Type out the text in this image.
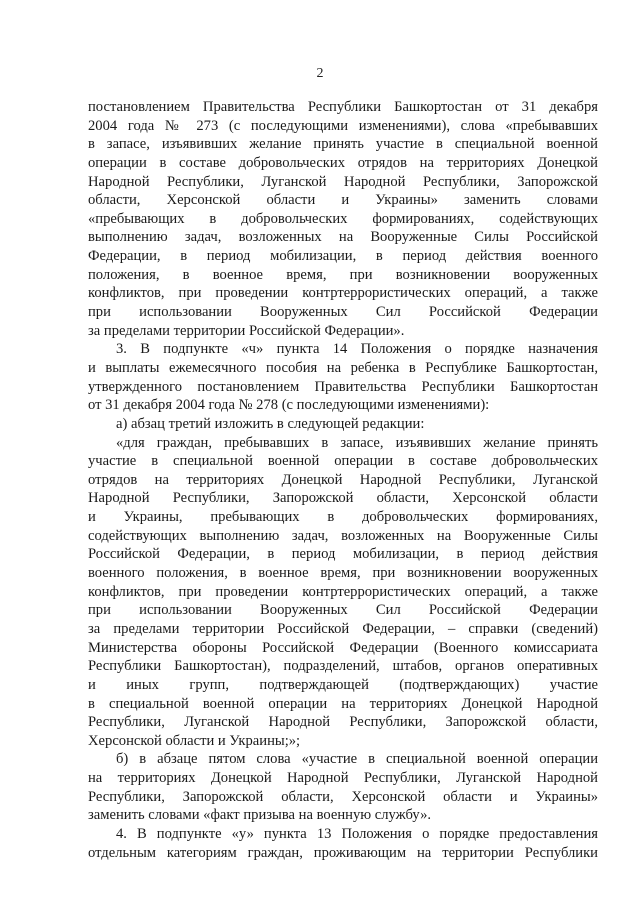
2
постановлением Правительства Республики Башкортостан от 31 декабря
2004 года № 273 (с последующими изменениями), слова «пребывавших
в запасе, изъявивших желание принять участие в специальной военной
операции в составе добровольческих отрядов на территориях Донецкой
Народной Республики, Луганской Народной Республики, Запорожской
области, Херсонской области и Украины» заменить словами
«пребывающих в добровольческих формированиях, содействующих
выполнению задач, возложенных на Вооруженные Силы Российской
Федерации, в период мобилизации, в период действия военного
положения, в военное время, при возникновении вооруженных
конфликтов, при проведении контртеррористических операций, а также
при использовании Вооруженных Сил Российской Федерации
за пределами территории Российской Федерации».
3. В подпункте «ч» пункта 14 Положения о порядке назначения
и выплаты ежемесячного пособия на ребенка в Республике Башкортостан,
утвержденного постановлением Правительства Республики Башкортостан
от 31 декабря 2004 года № 278 (с последующими изменениями):
а) абзац третий изложить в следующей редакции:
«для граждан, пребывавших в запасе, изъявивших желание принять
участие в специальной военной операции в составе добровольческих
отрядов на территориях Донецкой Народной Республики, Луганской
Народной Республики, Запорожской области, Херсонской области
и Украины, пребывающих в добровольческих формированиях,
содействующих выполнению задач, возложенных на Вооруженные Силы
Российской Федерации, в период мобилизации, в период действия
военного положения, в военное время, при возникновении вооруженных
конфликтов, при проведении контртеррористических операций, а также
при использовании Вооруженных Сил Российской Федерации
за пределами территории Российской Федерации, – справки (сведений)
Министерства обороны Российской Федерации (Военного комиссариата
Республики Башкортостан), подразделений, штабов, органов оперативных
и иных групп, подтверждающей (подтверждающих) участие
в специальной военной операции на территориях Донецкой Народной
Республики, Луганской Народной Республики, Запорожской области,
Херсонской области и Украины;»;
б) в абзаце пятом слова «участие в специальной военной операции
на территориях Донецкой Народной Республики, Луганской Народной
Республики, Запорожской области, Херсонской области и Украины»
заменить словами «факт призыва на военную службу».
4. В подпункте «у» пункта 13 Положения о порядке предоставления
отдельным категориям граждан, проживающим на территории Республики
